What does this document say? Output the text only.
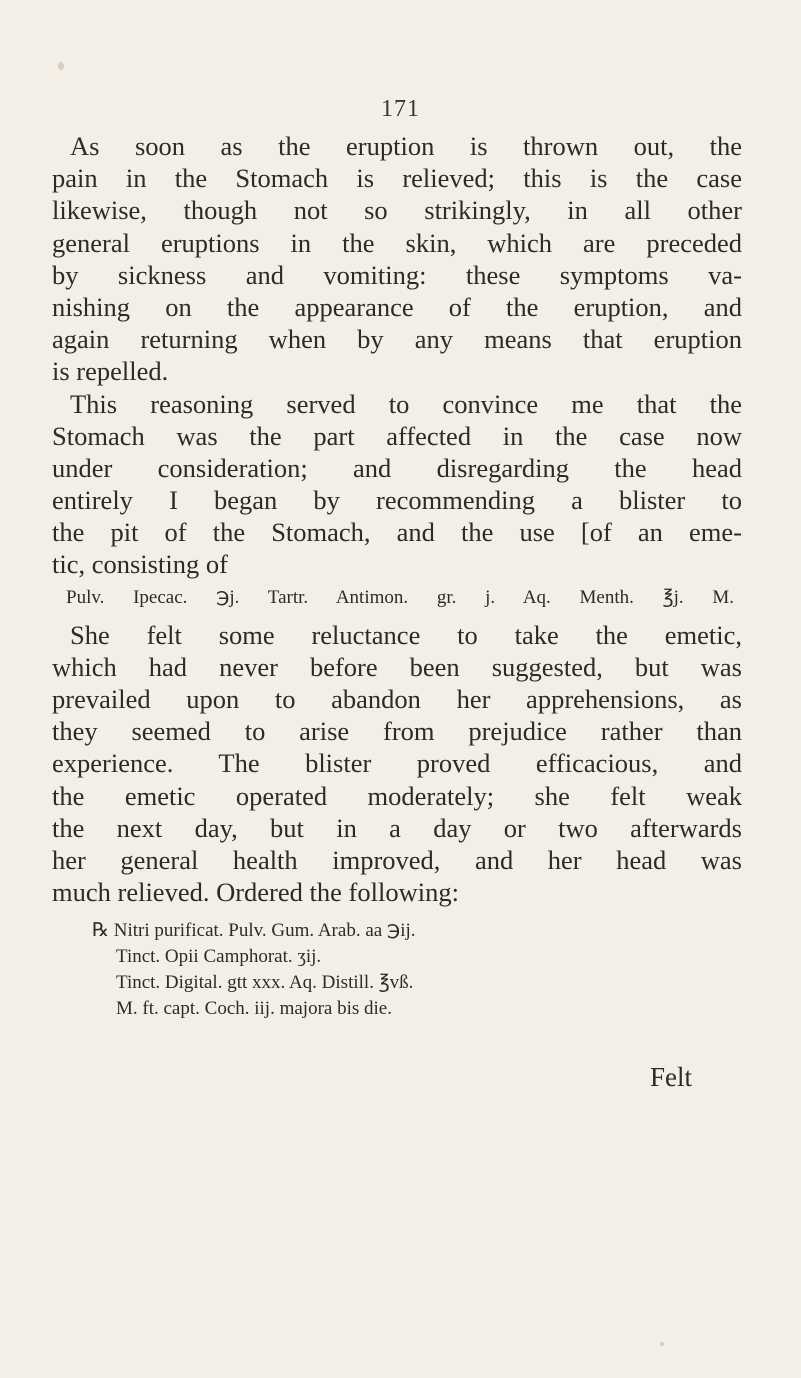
171
As soon as the eruption is thrown out, the
pain in the Stomach is relieved; this is the case
likewise, though not so strikingly, in all other
general eruptions in the skin, which are preceded
by sickness and vomiting: these symptoms va-
nishing on the appearance of the eruption, and
again returning when by any means that eruption
is repelled.
This reasoning served to convince me that the
Stomach was the part affected in the case now
under consideration; and disregarding the head
entirely I began by recommending a blister to
the pit of the Stomach, and the use [of an eme-
tic, consisting of
Pulv. Ipecac. ℈j. Tartr. Antimon. gr. j. Aq. Menth. ℥j. M.
She felt some reluctance to take the emetic,
which had never before been suggested, but was
prevailed upon to abandon her apprehensions, as
they seemed to arise from prejudice rather than
experience. The blister proved efficacious, and
the emetic operated moderately; she felt weak
the next day, but in a day or two afterwards
her general health improved, and her head was
much relieved. Ordered the following:
℞ Nitri purificat. Pulv. Gum. Arab. aa ℈ij.
Tinct. Opii Camphorat. ʒij.
Tinct. Digital. gtt xxx. Aq. Distill. ℥vß.
M. ft. capt. Coch. iij. majora bis die.
Felt
